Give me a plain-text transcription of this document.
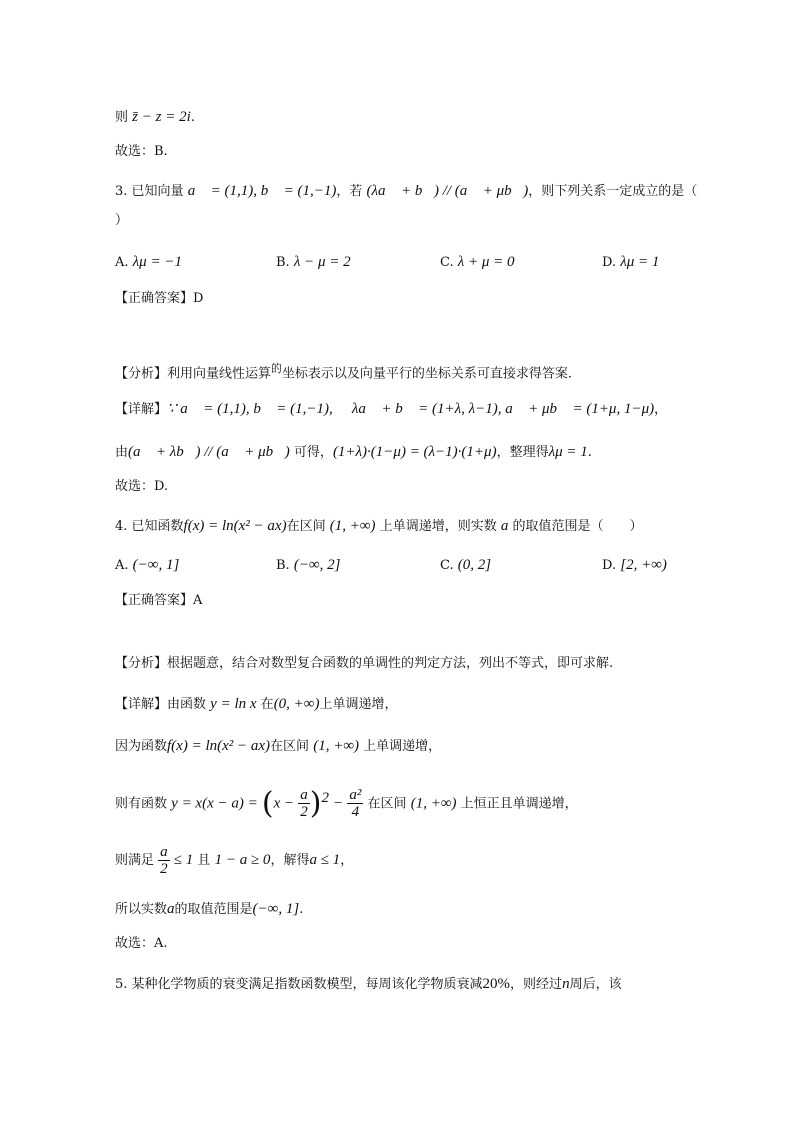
则 z̄ − z = 2i.
故选：B.
3. 已知向量 a⃗ = (1,1), b⃗ = (1,−1)，若 (λa⃗ + b⃗) // (a⃗ + μb⃗)，则下列关系一定成立的是（
）
A. λμ = −1	B. λ − μ = 2	C. λ + μ = 0	D. λμ = 1
【正确答案】D
【分析】利用向量线性运算$^的$坐标表示以及向量平行的坐标关系可直接求得答案.
【详解】∵ a⃗ = (1,1), b⃗ = (1,−1), ∴ λa⃗ + b⃗ = (1+λ, λ−1), a⃗ + μb⃗ = (1+μ, 1−μ)，
由(a⃗ + λb⃗) // (a⃗ + μb⃗) 可得，(1+λ)·(1−μ) = (λ−1)·(1+μ)，整理得λμ = 1.
故选：D.
4. 已知函数f(x) = ln(x² − ax)在区间 (1, +∞) 上单调递增，则实数 a 的取值范围是（　　）
A. (−∞, 1]	B. (−∞, 2]	C. (0, 2]	D. [2, +∞)
【正确答案】A
【分析】根据题意，结合对数型复合函数的单调性的判定方法，列出不等式，即可求解.
【详解】由函数 y = ln x 在(0, +∞)上单调递增，
因为函数f(x) = ln(x² − ax)在区间 (1, +∞) 上单调递增，
则有函数 $y = x(x - a) = (x - \frac{a}{2} )^2 - \frac{\text{a²}}{4}$ 在区间 (1, +∞) 上恒正且单调递增，
则满足 $\frac{a}{2} \le 1$ 且 1 − a ≥ 0，解得a ≤ 1，
所以实数a的取值范围是(−∞, 1].
故选：A.
5. 某种化学物质的衰变满足指数函数模型，每周该化学物质衰减20%，则经过n周后，该
